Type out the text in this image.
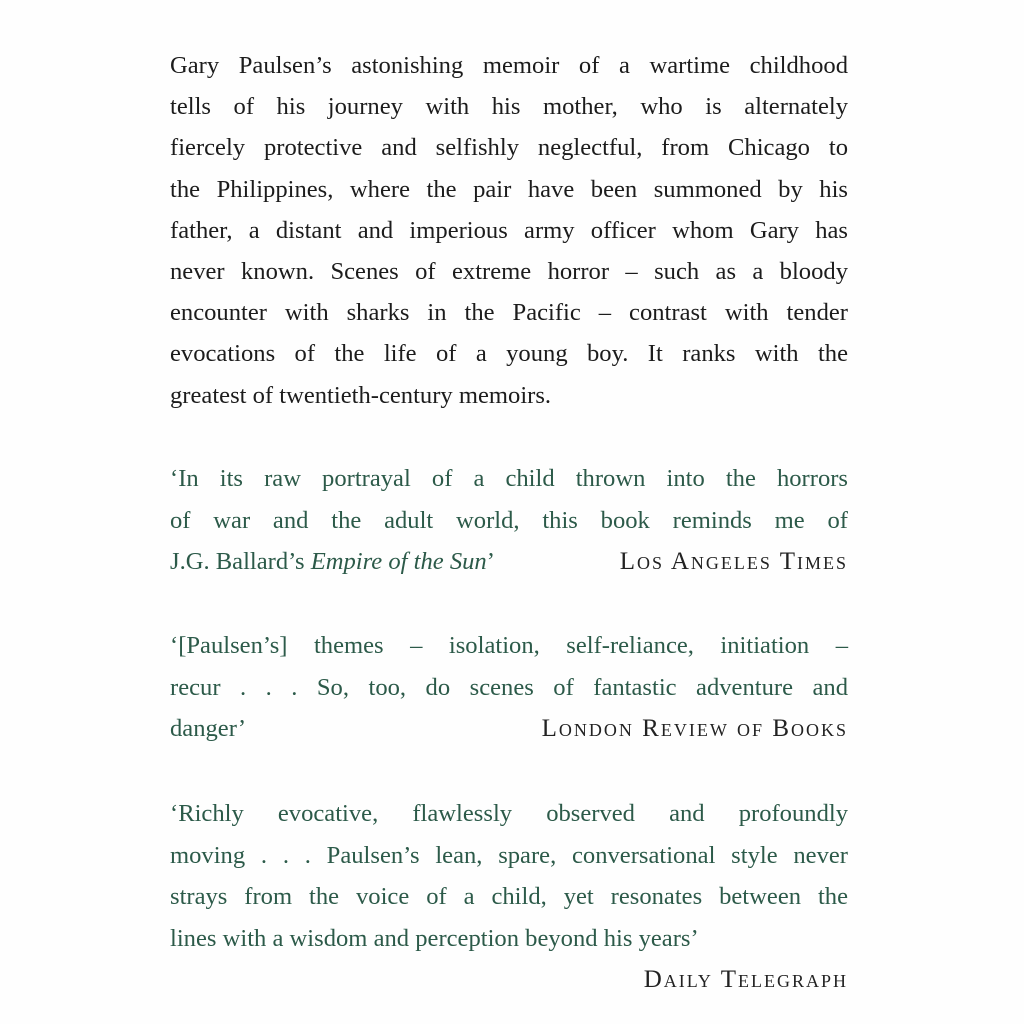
Gary Paulsen’s astonishing memoir of a wartime childhood
tells of his journey with his mother, who is alternately
fiercely protective and selfishly neglectful, from Chicago to
the Philippines, where the pair have been summoned by his
father, a distant and imperious army officer whom Gary has
never known. Scenes of extreme horror – such as a bloody
encounter with sharks in the Pacific – contrast with tender
evocations of the life of a young boy. It ranks with the
greatest of twentieth-century memoirs.

‘In its raw portrayal of a child thrown into the horrors
of war and the adult world, this book reminds me of
J.G. Ballard’s Empire of the Sun’	Los Angeles Times

‘[Paulsen’s] themes – isolation, self-reliance, initiation –
recur . . . So, too, do scenes of fantastic adventure and
danger’	London Review of Books

‘Richly evocative, flawlessly observed and profoundly
moving . . . Paulsen’s lean, spare, conversational style never
strays from the voice of a child, yet resonates between the
lines with a wisdom and perception beyond his years’
Daily Telegraph
